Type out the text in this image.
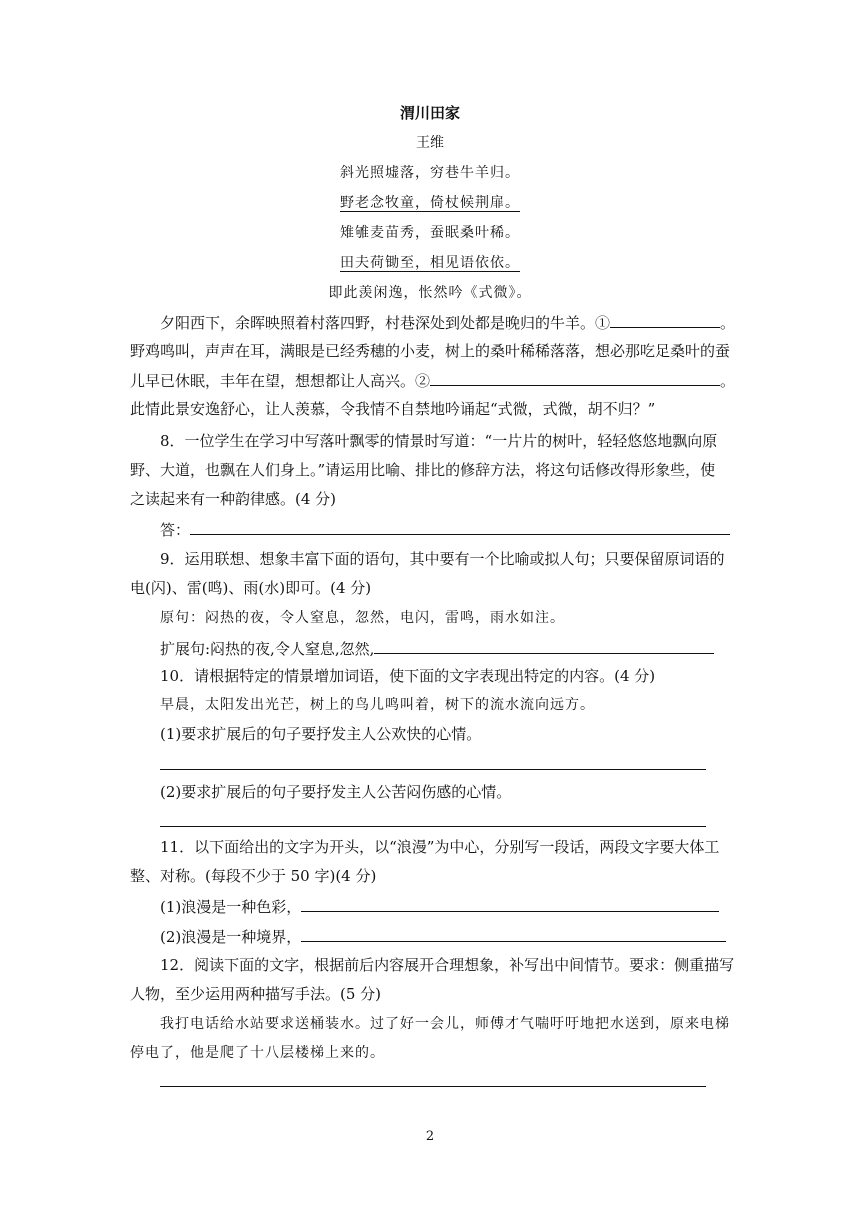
渭川田家
王维
斜光照墟落，穷巷牛羊归。
野老念牧童，倚杖候荆扉。
雉雊麦苗秀，蚕眠桑叶稀。
田夫荷锄至，相见语依依。
即此羡闲逸，怅然吟《式微》。
夕阳西下，余晖映照着村落四野，村巷深处到处都是晚归的牛羊。①	。
野鸡鸣叫，声声在耳，满眼是已经秀穗的小麦，树上的桑叶稀稀落落，想必那吃足桑叶的蚕
儿早已休眠，丰年在望，想想都让人高兴。②	。
此情此景安逸舒心，让人羡慕，令我情不自禁地吟诵起“式微，式微，胡不归？”
8．一位学生在学习中写落叶飘零的情景时写道：“一片片的树叶，轻轻悠悠地飘向原
野、大道，也飘在人们身上。”请运用比喻、排比的修辞方法，将这句话修改得形象些，使
之读起来有一种韵律感。(4 分)
答：
9．运用联想、想象丰富下面的语句，其中要有一个比喻或拟人句；只要保留原词语的
电(闪)、雷(鸣)、雨(水)即可。(4 分)
原句：闷热的夜，令人窒息，忽然，电闪，雷鸣，雨水如注。
扩展句:闷热的夜,令人窒息,忽然,
10．请根据特定的情景增加词语，使下面的文字表现出特定的内容。(4 分)
早晨，太阳发出光芒，树上的鸟儿鸣叫着，树下的流水流向远方。
(1)要求扩展后的句子要抒发主人公欢快的心情。
(2)要求扩展后的句子要抒发主人公苦闷伤感的心情。
11．以下面给出的文字为开头，以“浪漫”为中心，分别写一段话，两段文字要大体工
整、对称。(每段不少于 50 字)(4 分)
(1)浪漫是一种色彩，
(2)浪漫是一种境界，
12．阅读下面的文字，根据前后内容展开合理想象，补写出中间情节。要求：侧重描写
人物，至少运用两种描写手法。(5 分)
我打电话给水站要求送桶装水。过了好一会儿，师傅才气喘吁吁地把水送到，原来电梯
停电了，他是爬了十八层楼梯上来的。
2
